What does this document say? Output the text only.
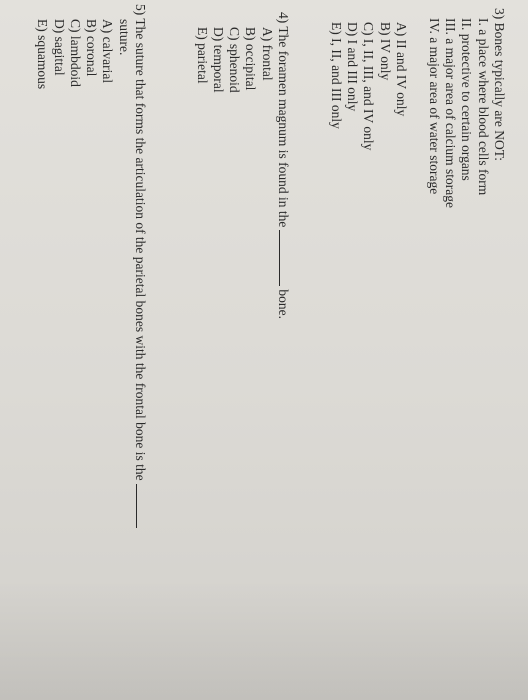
3) Bones typically are NOT:
I. a place where blood cells form
II. protective to certain organs
III. a major area of calcium storage
IV. a major area of water storage
A) II and IV only
B) IV only
C) I, II, III, and IV only
D) I and III only
E) I, II, and III only
4) The foramen magnum is found in thebone.
A) frontal
B) occipital
C) sphenoid
D) temporal
E) parietal
5) The suture that forms the articulation of the parietal bones with the frontal bone is the
suture.
A) calvarial
B) coronal
C) lambdoid
D) sagittal
E) squamous
